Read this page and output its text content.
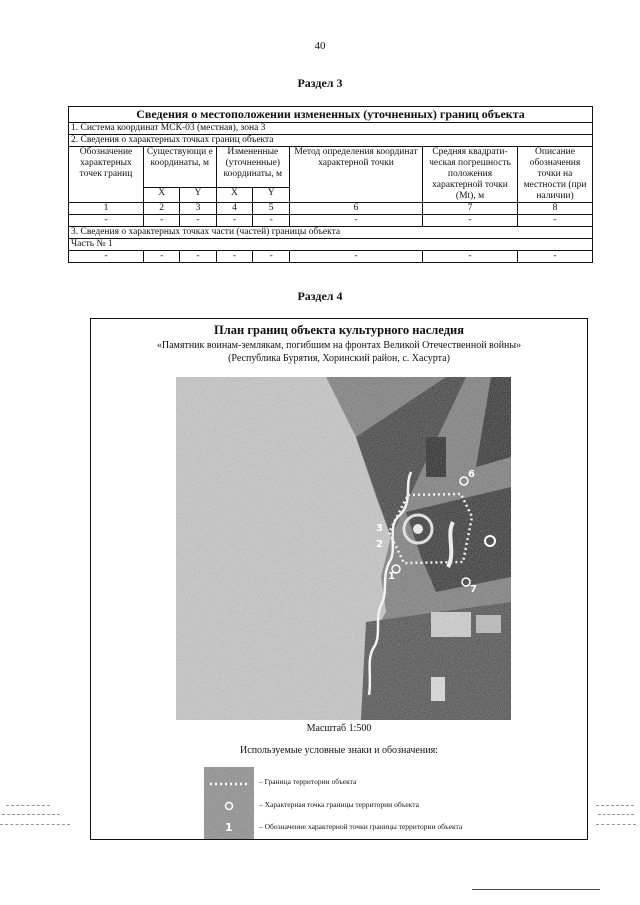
40
Раздел 3
Сведения о местоположении измененных (уточненных) границ объекта							
1. Система координат МСК-03 (местная), зона 3							
2. Сведения о характерных точках границ объекта							
Обозначение характерных точек границ	Существующи е координаты, м		Измененные (уточненные) координаты, м		Метод определения координат характерной точки	Средняя квадрати-ческая погрешность положения характерной точки (Mt), м	Описание обозначения точки на местности (при наличии)
	X	Y	X	Y			
1	2	3	4	5	6	7	8
-	-	-	-	-	-	-	-
3. Сведения о характерных точках части (частей) границы объекта							
Часть № 1							
-	-	-	-	-	-	-	-
Раздел 4
План границ объекта культурного наследия
«Памятник воинам-землякам, погибшим на фронтах Великой Отечественной войны»
(Республика Бурятия, Хоринский район, с. Хасурта)
6
7
1
2
3
Масштаб 1:500
Используемые условные знаки и обозначения:
1
– Граница территории объекта
– Характерная точка границы территории объекта
– Обозначение характерной точки границы территории объекта
